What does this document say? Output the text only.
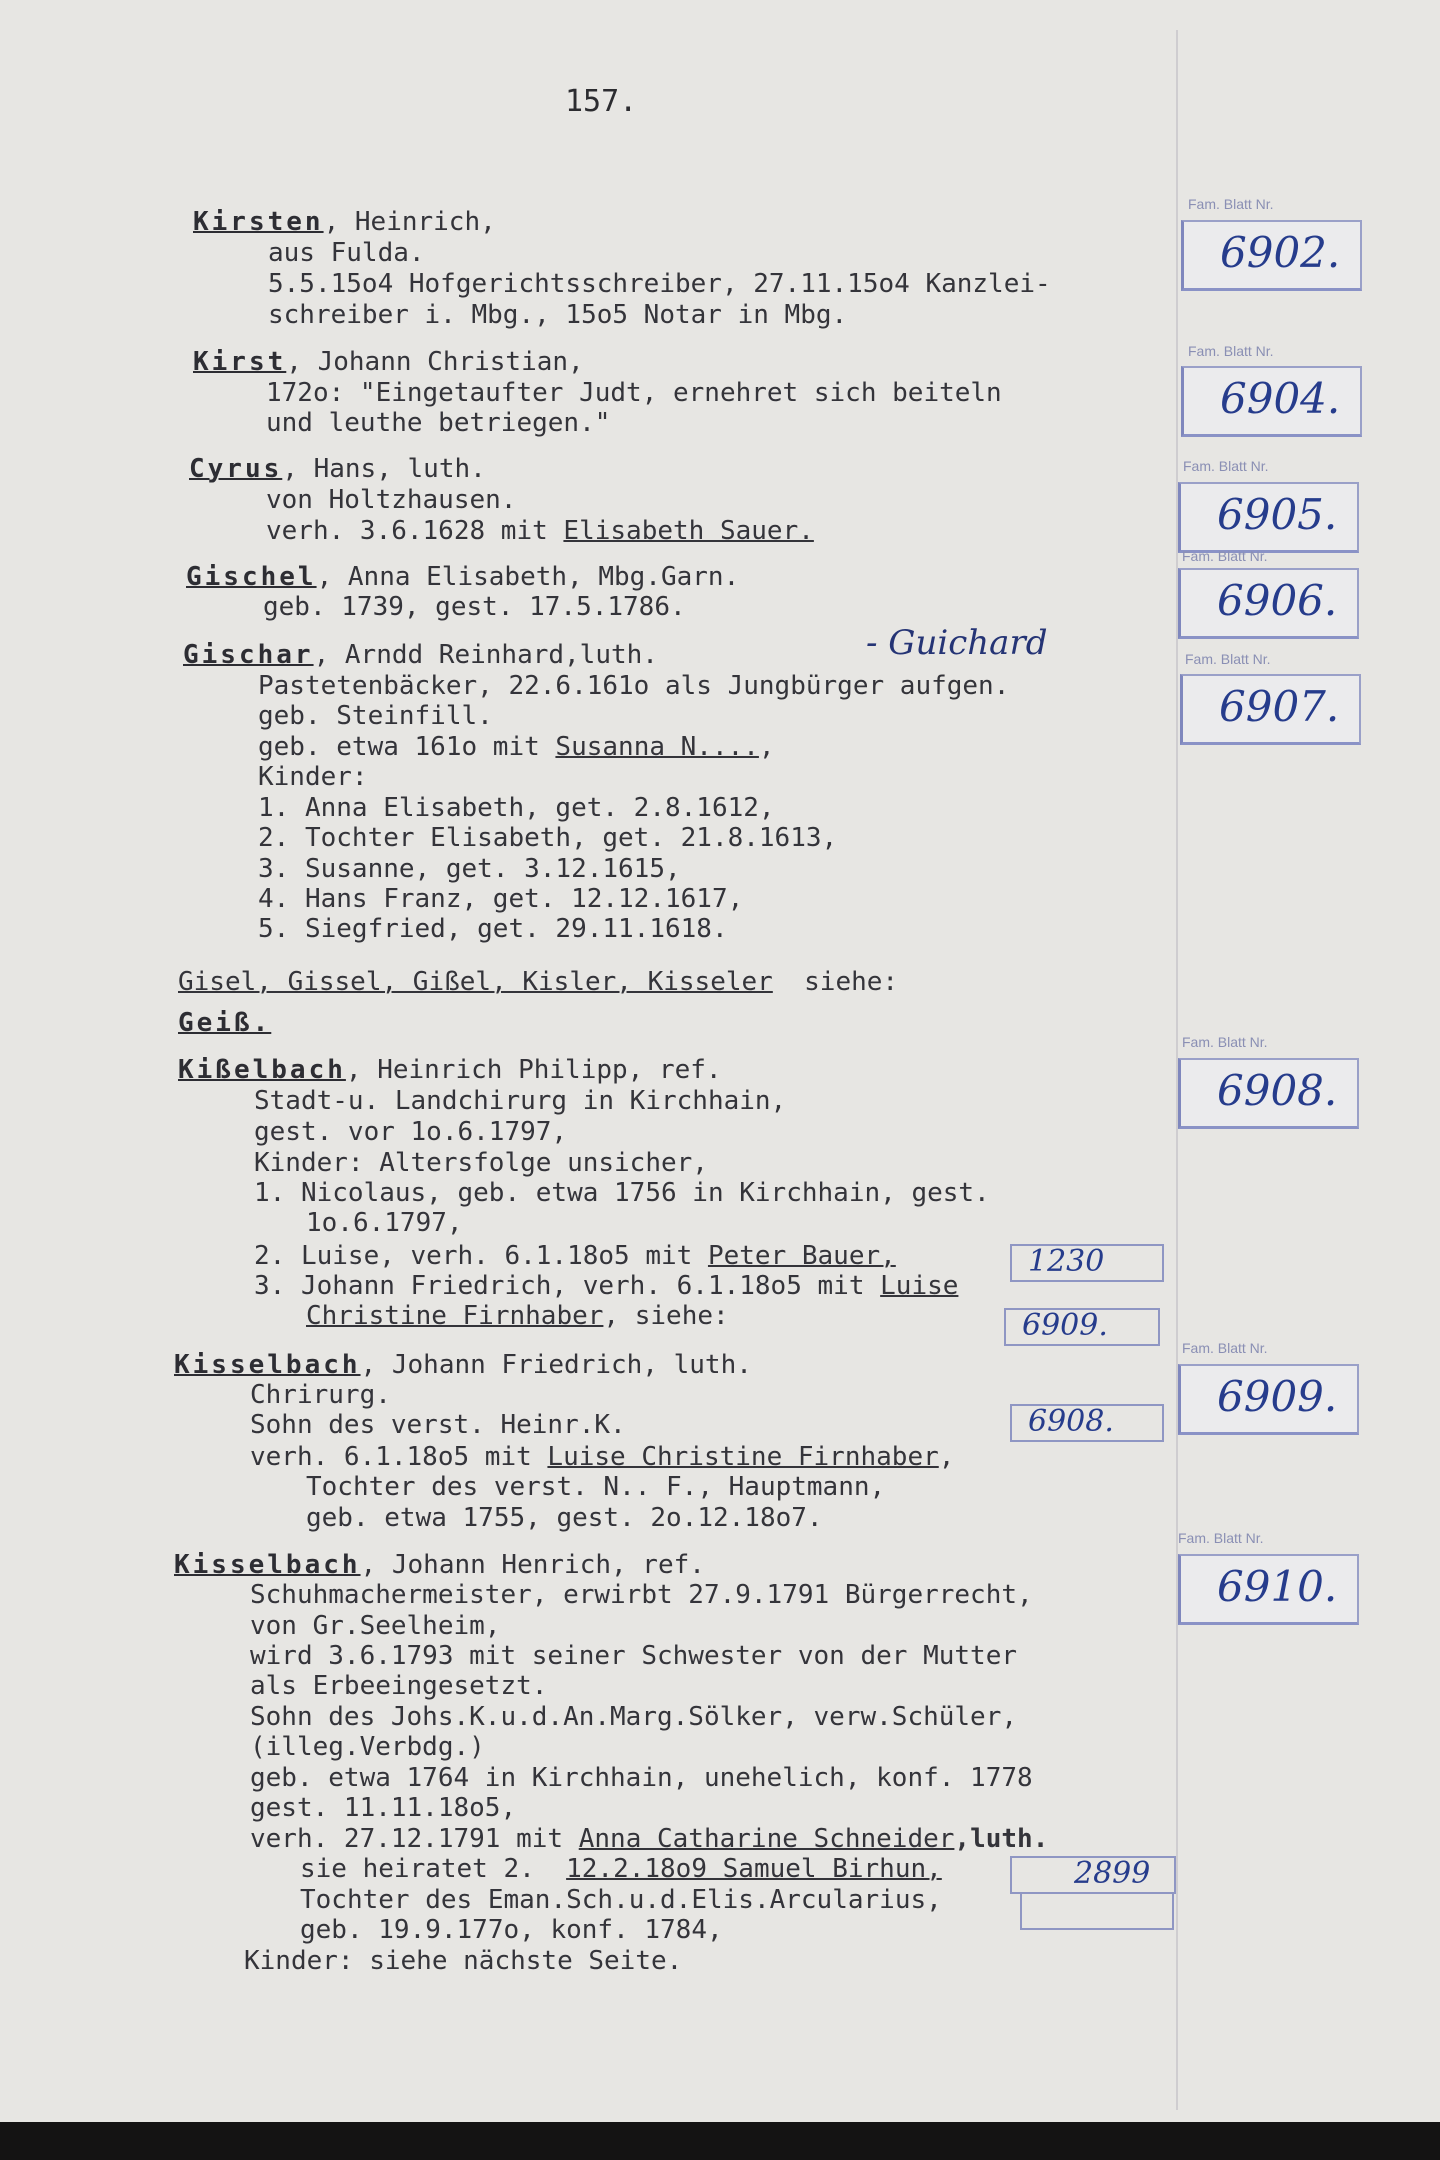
157.
Kirsten, Heinrich,
aus Fulda.
5.5.15o4 Hofgerichtsschreiber, 27.11.15o4 Kanzlei-
schreiber i. Mbg., 15o5 Notar in Mbg.
Kirst, Johann Christian,
172o: "Eingetaufter Judt, ernehret sich beiteln
und leuthe betriegen."
Cyrus, Hans, luth.
von Holtzhausen.
verh. 3.6.1628 mit Elisabeth Sauer.
Gischel, Anna Elisabeth, Mbg.Garn.
geb. 1739, gest. 17.5.1786.
Gischar, Arndd Reinhard,luth.	- Guichard
Pastetenbäcker, 22.6.161o als Jungbürger aufgen.
geb. Steinfill.
geb. etwa 161o mit Susanna N....,
Kinder:
1. Anna Elisabeth, get. 2.8.1612,
2. Tochter Elisabeth, get. 21.8.1613,
3. Susanne, get. 3.12.1615,
4. Hans Franz, get. 12.12.1617,
5. Siegfried, get. 29.11.1618.
Gisel, Gissel, Gißel, Kisler, Kisseler siehe:
Geiß.
Kißelbach, Heinrich Philipp, ref.
Stadt-u. Landchirurg in Kirchhain,
gest. vor 1o.6.1797,
Kinder: Altersfolge unsicher,
1. Nicolaus, geb. etwa 1756 in Kirchhain, gest.
1o.6.1797,
2. Luise, verh. 6.1.18o5 mit Peter Bauer,
3. Johann Friedrich, verh. 6.1.18o5 mit Luise
Christine Firnhaber, siehe:
Kisselbach, Johann Friedrich, luth.
Chrirurg.
Sohn des verst. Heinr.K.
verh. 6.1.18o5 mit Luise Christine Firnhaber,
Tochter des verst. N.. F., Hauptmann,
geb. etwa 1755, gest. 2o.12.18o7.
Kisselbach, Johann Henrich, ref.
Schuhmachermeister, erwirbt 27.9.1791 Bürgerrecht,
von Gr.Seelheim,
wird 3.6.1793 mit seiner Schwester von der Mutter
als Erbeeingesetzt.
Sohn des Johs.K.u.d.An.Marg.Sölker, verw.Schüler,
(illeg.Verbdg.)
geb. etwa 1764 in Kirchhain, unehelich, konf. 1778
gest. 11.11.18o5,
verh. 27.12.1791 mit Anna Catharine Schneider,luth.
sie heiratet 2.  12.2.18o9 Samuel Birhun,
Tochter des Eman.Sch.u.d.Elis.Arcularius,
geb. 19.9.177o, konf. 1784,
Kinder: siehe nächste Seite.
1230
6909.
6908.
2899
Fam. Blatt Nr.
6902.
Fam. Blatt Nr.
6904.
Fam. Blatt Nr.
6905.
Fam. Blatt Nr.
6906.
Fam. Blatt Nr.
6907.
Fam. Blatt Nr.
6908.
Fam. Blatt Nr.
6909.
Fam. Blatt Nr.
6910.
